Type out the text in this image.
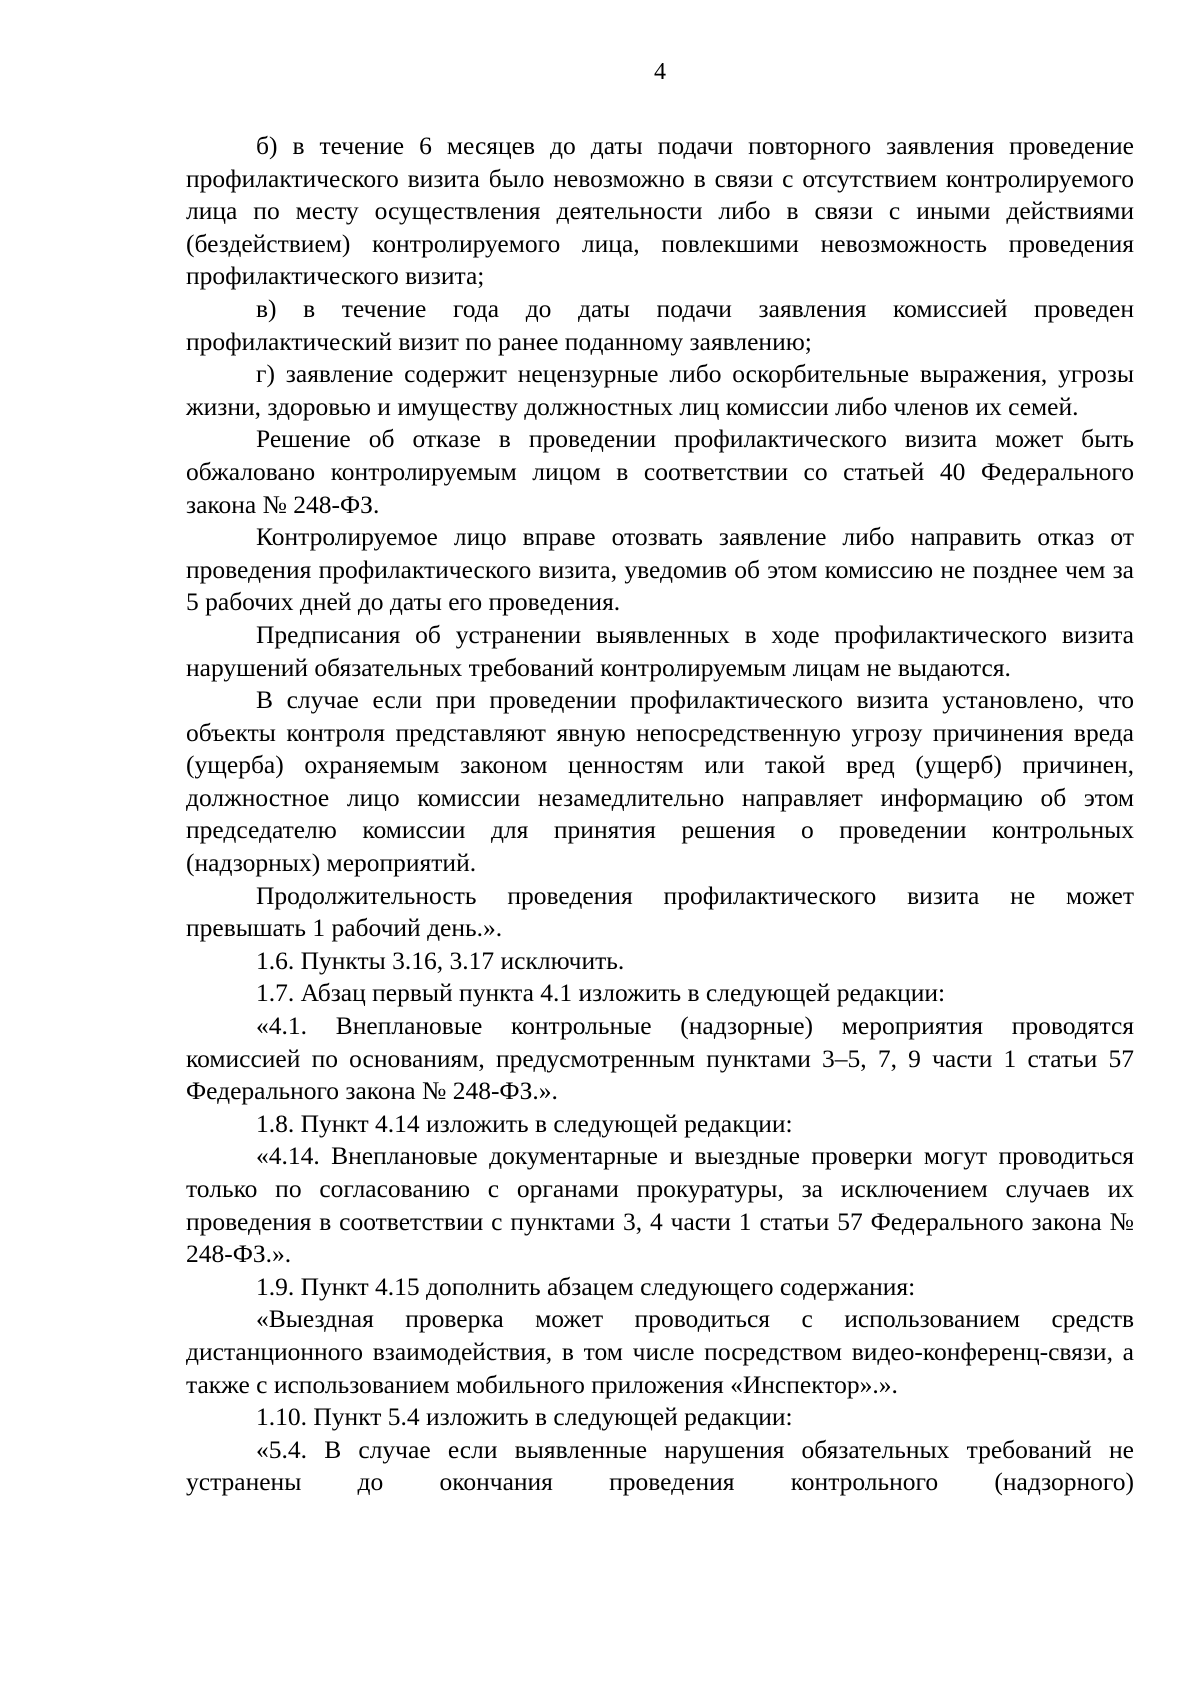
4

б) в течение 6 месяцев до даты подачи повторного заявления проведение профилактического визита было невозможно в связи с отсутствием контролируемого лица по месту осуществления деятельности либо в связи с иными действиями (бездействием) контролируемого лица, повлекшими невозможность проведения профилактического визита;

в) в течение года до даты подачи заявления комиссией проведен профилактический визит по ранее поданному заявлению;

г) заявление содержит нецензурные либо оскорбительные выражения, угрозы жизни, здоровью и имуществу должностных лиц комиссии либо членов их семей.

Решение об отказе в проведении профилактического визита может быть обжаловано контролируемым лицом в соответствии со статьей 40 Федерального закона № 248-ФЗ.

Контролируемое лицо вправе отозвать заявление либо направить отказ от проведения профилактического визита, уведомив об этом комиссию не позднее чем за 5 рабочих дней до даты его проведения.

Предписания об устранении выявленных в ходе профилактического визита нарушений обязательных требований контролируемым лицам не выдаются.

В случае если при проведении профилактического визита установлено, что объекты контроля представляют явную непосредственную угрозу причинения вреда (ущерба) охраняемым законом ценностям или такой вред (ущерб) причинен, должностное лицо комиссии незамедлительно направляет информацию об этом председателю комиссии для принятия решения о проведении контрольных (надзорных) мероприятий.

Продолжительность проведения профилактического визита не может превышать 1 рабочий день.».

1.6. Пункты 3.16, 3.17 исключить.

1.7. Абзац первый пункта 4.1 изложить в следующей редакции:

«4.1. Внеплановые контрольные (надзорные) мероприятия проводятся комиссией по основаниям, предусмотренным пунктами 3–5, 7, 9 части 1 статьи 57 Федерального закона № 248-ФЗ.».

1.8. Пункт 4.14 изложить в следующей редакции:

«4.14. Внеплановые документарные и выездные проверки могут проводиться только по согласованию с органами прокуратуры, за исключением случаев их проведения в соответствии с пунктами 3, 4 части 1 статьи 57 Федерального закона № 248-ФЗ.».

1.9. Пункт 4.15 дополнить абзацем следующего содержания:

«Выездная проверка может проводиться с использованием средств дистанционного взаимодействия, в том числе посредством видео-конференц-связи, а также с использованием мобильного приложения «Инспектор».».

1.10. Пункт 5.4 изложить в следующей редакции:

«5.4. В случае если выявленные нарушения обязательных требований не устранены до окончания проведения контрольного (надзорного)
